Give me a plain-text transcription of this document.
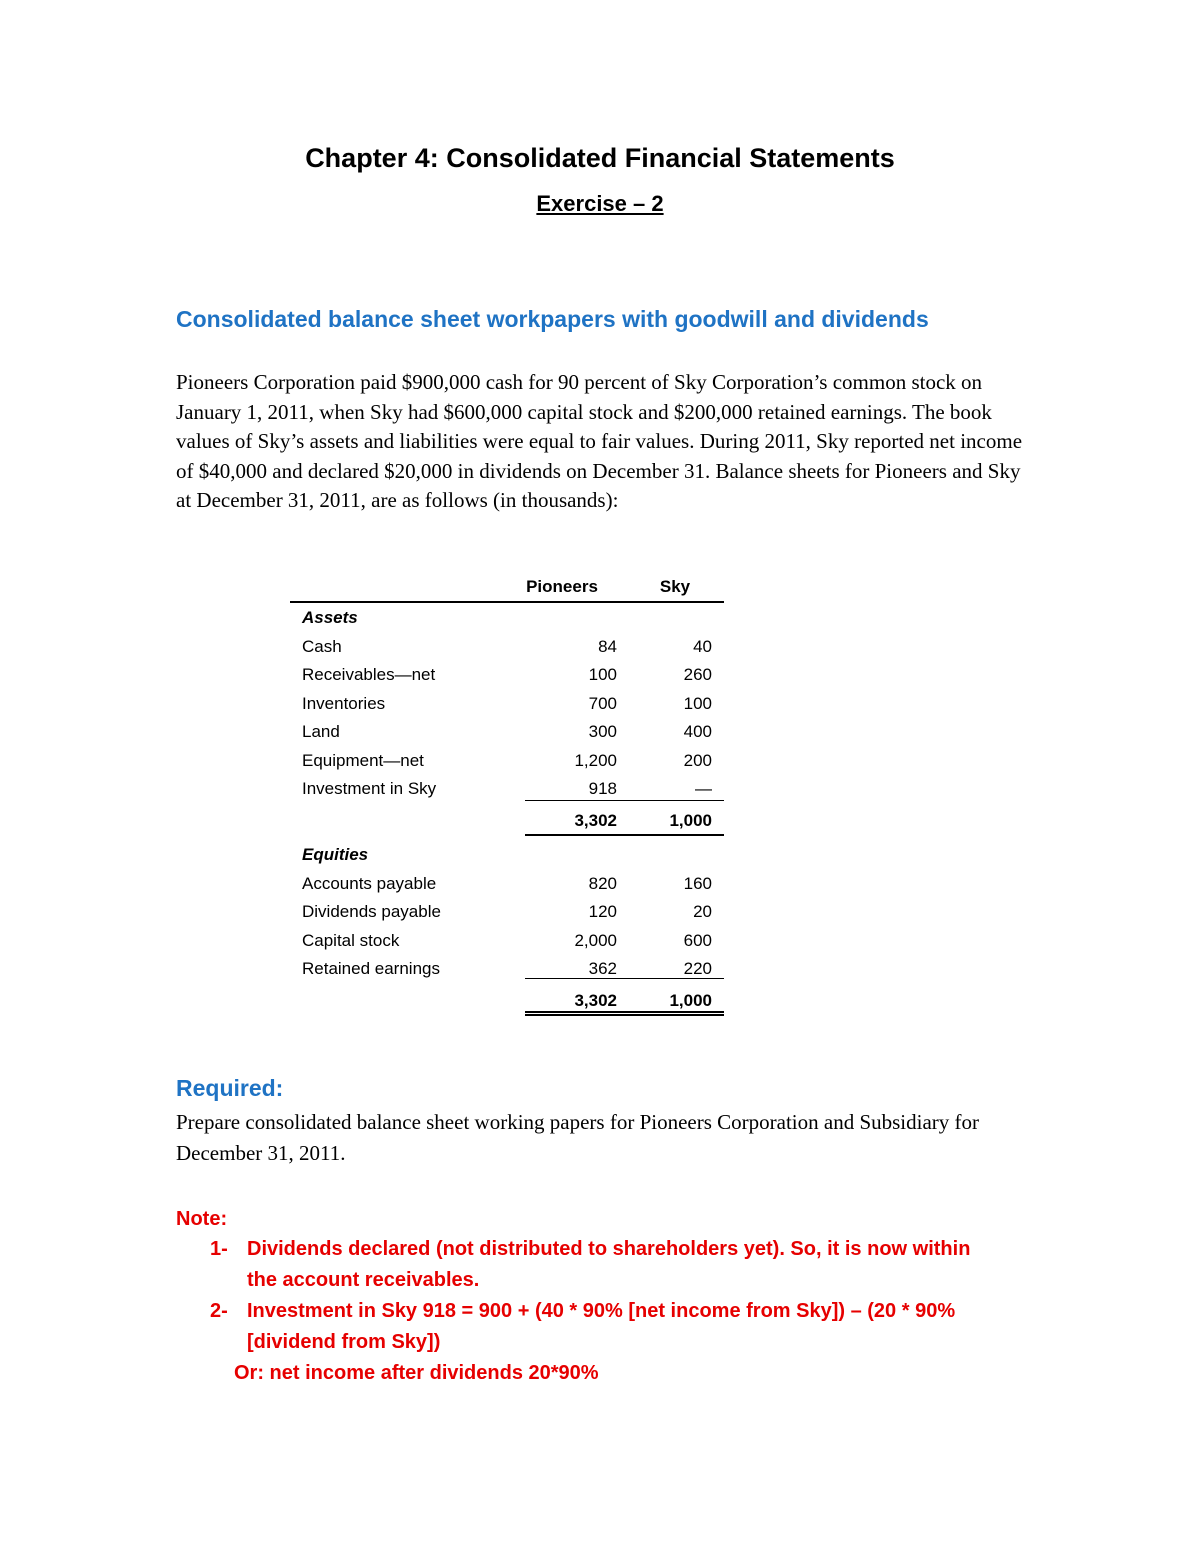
Chapter 4: Consolidated Financial Statements
Exercise – 2
Consolidated balance sheet workpapers with goodwill and dividends

Pioneers Corporation paid $900,000 cash for 90 percent of Sky Corporation’s common stock on January 1, 2011, when Sky had $600,000 capital stock and $200,000 retained earnings. The book values of Sky’s assets and liabilities were equal to fair values. During 2011, Sky reported net income of $40,000 and declared $20,000 in dividends on December 31. Balance sheets for Pioneers and Sky at December 31, 2011, are as follows (in thousands):

Pioneers	Sky
Assets
Cash	84	40
Receivables—net	100	260
Inventories	700	100
Land	300	400
Equipment—net	1,200	200
Investment in Sky	918	—
3,302	1,000
Equities
Accounts payable	820	160
Dividends payable	120	20
Capital stock	2,000	600
Retained earnings	362	220
3,302	1,000
Required:

Prepare consolidated balance sheet working papers for Pioneers Corporation and Subsidiary for December 31, 2011.

Note:
1- Dividends declared (not distributed to shareholders yet). So, it is now within
the account receivables.
2- Investment in Sky 918 = 900 + (40 * 90% [net income from Sky]) – (20 * 90%
[dividend from Sky])
Or: net income after dividends 20*90%
